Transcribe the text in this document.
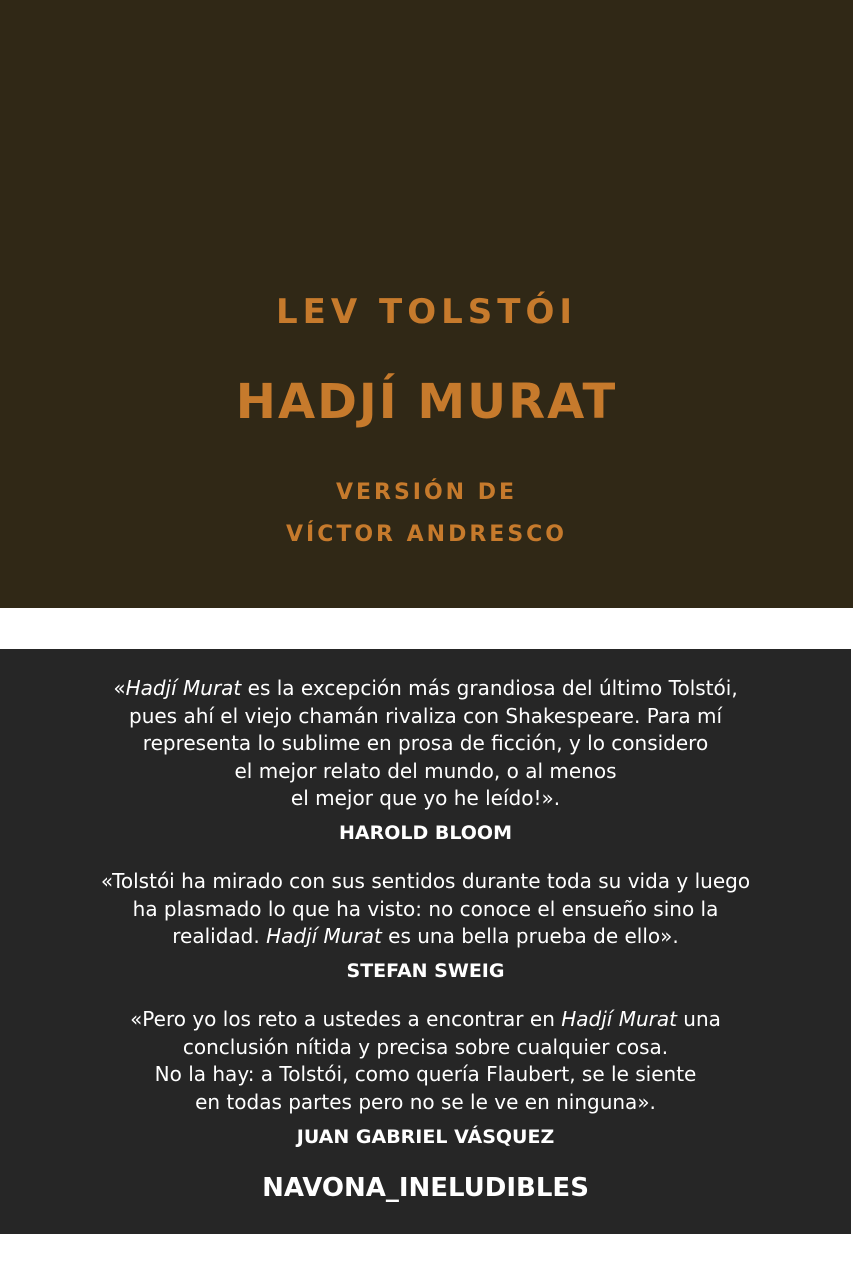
LEV TOLSTÓI
HADJÍ MURAT
VERSIÓN DE
VÍCTOR ANDRESCO
«Hadjí Murat es la excepción más grandiosa del último Tolstói,
pues ahí el viejo chamán rivaliza con Shakespeare. Para mí
representa lo sublime en prosa de ficción, y lo considero
el mejor relato del mundo, o al menos
el mejor que yo he leído!».
HAROLD BLOOM
«Tolstói ha mirado con sus sentidos durante toda su vida y luego
ha plasmado lo que ha visto: no conoce el ensueño sino la
realidad. Hadjí Murat es una bella prueba de ello».
STEFAN SWEIG
«Pero yo los reto a ustedes a encontrar en Hadjí Murat una
conclusión nítida y precisa sobre cualquier cosa.
No la hay: a Tolstói, como quería Flaubert, se le siente
en todas partes pero no se le ve en ninguna».
JUAN GABRIEL VÁSQUEZ
NAVONA_INELUDIBLES
